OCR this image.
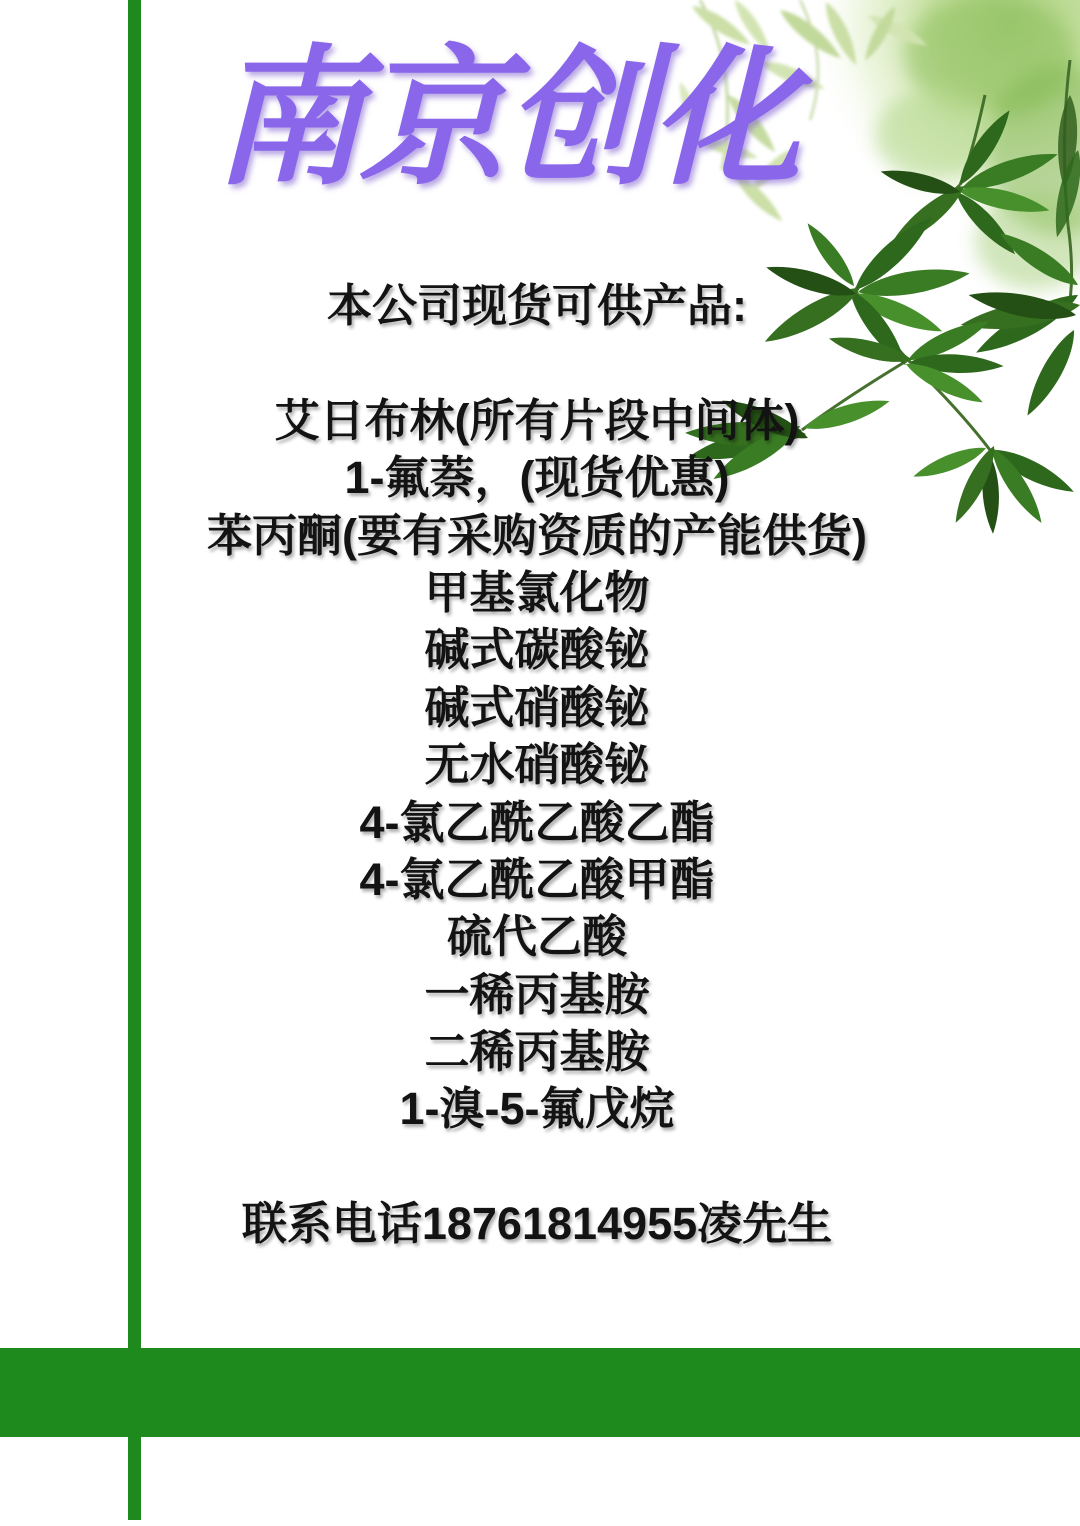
南京创化
本公司现货可供产品:
艾日布林(所有片段中间体)
1-氟萘，(现货优惠)
苯丙酮(要有采购资质的产能供货)
甲基氯化物
碱式碳酸铋
碱式硝酸铋
无水硝酸铋
4-氯乙酰乙酸乙酯
4-氯乙酰乙酸甲酯
硫代乙酸
一稀丙基胺
二稀丙基胺
1-溴-5-氟戊烷
联系电话18761814955凌先生
